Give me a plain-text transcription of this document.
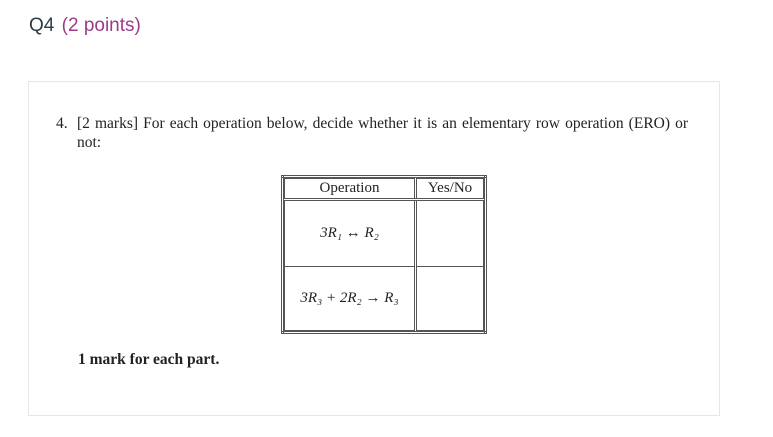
Q4 (2 points)
4. [2 marks] For each operation below, decide whether it is an elementary row operation (ERO) or not:
Operation	Yes/No
3R₁ ↔ R₂	
3R₃ + 2R₂ → R₃	
1 mark for each part.
